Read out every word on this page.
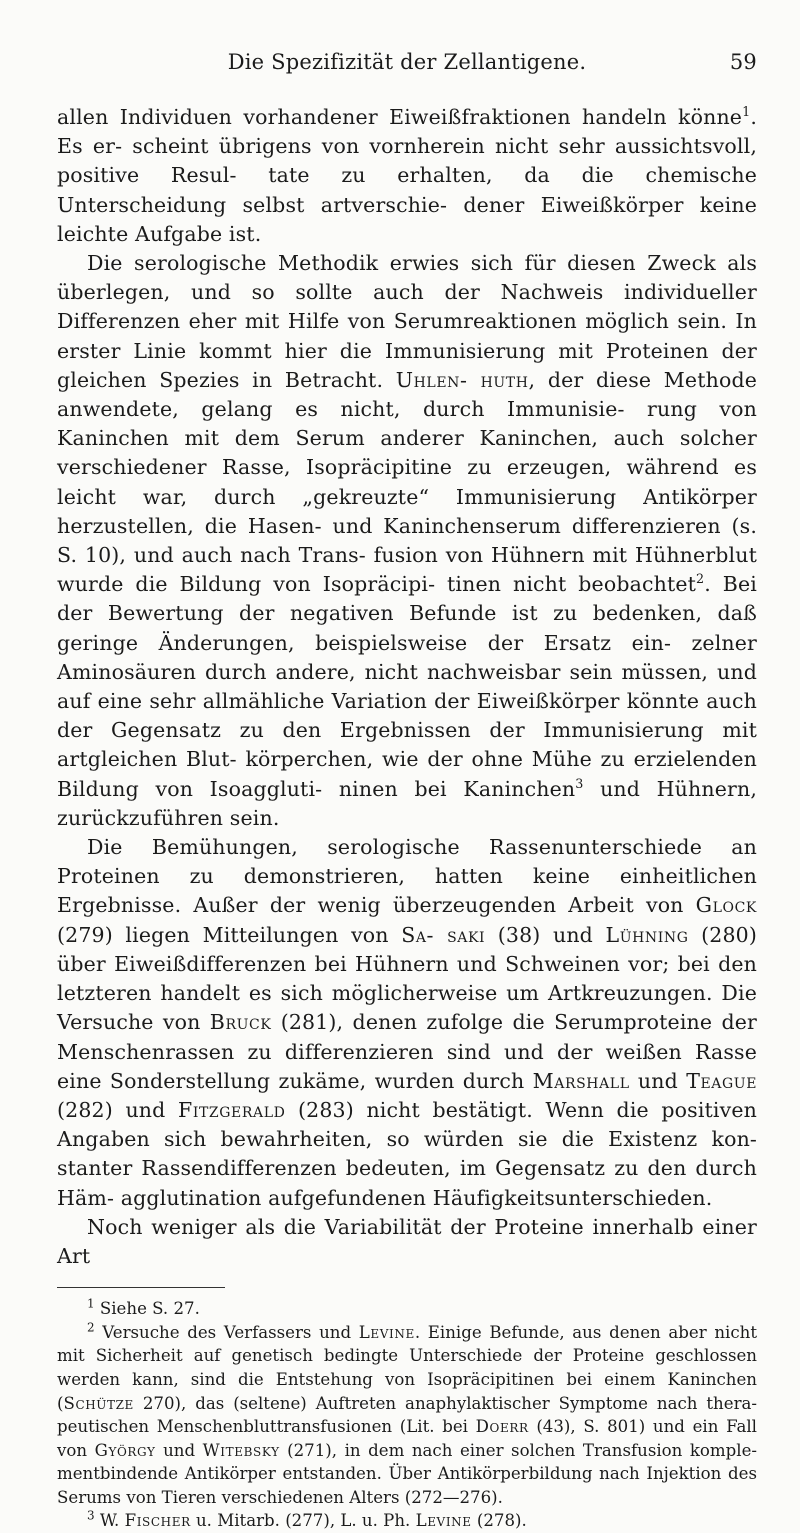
Die Spezifizität der Zellantigene.	59

allen Individuen vorhandener Eiweißfraktionen handeln könne$^1$. Es er- scheint übrigens von vornherein nicht sehr aussichtsvoll, positive Resul- tate zu erhalten, da die chemische Unterscheidung selbst artverschie- dener Eiweißkörper keine leichte Aufgabe ist.

Die serologische Methodik erwies sich für diesen Zweck als überlegen, und so sollte auch der Nachweis individueller Differenzen eher mit Hilfe von Serumreaktionen möglich sein. In erster Linie kommt hier die Immunisierung mit Proteinen der gleichen Spezies in Betracht. Uhlen- huth, der diese Methode anwendete, gelang es nicht, durch Immunisie- rung von Kaninchen mit dem Serum anderer Kaninchen, auch solcher verschiedener Rasse, Isopräcipitine zu erzeugen, während es leicht war, durch „gekreuzte“ Immunisierung Antikörper herzustellen, die Hasen- und Kaninchenserum differenzieren (s. S. 10), und auch nach Trans- fusion von Hühnern mit Hühnerblut wurde die Bildung von Isopräcipi- tinen nicht beobachtet$^2$. Bei der Bewertung der negativen Befunde ist zu bedenken, daß geringe Änderungen, beispielsweise der Ersatz ein- zelner Aminosäuren durch andere, nicht nachweisbar sein müssen, und auf eine sehr allmähliche Variation der Eiweißkörper könnte auch der Gegensatz zu den Ergebnissen der Immunisierung mit artgleichen Blut- körperchen, wie der ohne Mühe zu erzielenden Bildung von Isoaggluti- ninen bei Kaninchen$^3$ und Hühnern, zurückzuführen sein.

Die Bemühungen, serologische Rassenunterschiede an Proteinen zu demonstrieren, hatten keine einheitlichen Ergebnisse. Außer der wenig überzeugenden Arbeit von Glock (279) liegen Mitteilungen von Sa- saki (38) und Lühning (280) über Eiweißdifferenzen bei Hühnern und Schweinen vor; bei den letzteren handelt es sich möglicherweise um Artkreuzungen. Die Versuche von Bruck (281), denen zufolge die Serumproteine der Menschenrassen zu differenzieren sind und der weißen Rasse eine Sonderstellung zukäme, wurden durch Marshall und Teague (282) und Fitzgerald (283) nicht bestätigt. Wenn die positiven Angaben sich bewahrheiten, so würden sie die Existenz kon- stanter Rassendifferenzen bedeuten, im Gegensatz zu den durch Häm- agglutination aufgefundenen Häufigkeitsunterschieden.

Noch weniger als die Variabilität der Proteine innerhalb einer Art

$^1$ Siehe S. 27.

$^2$ Versuche des Verfassers und Levine. Einige Befunde, aus denen aber nicht mit Sicherheit auf genetisch bedingte Unterschiede der Proteine geschlossen werden kann, sind die Entstehung von Isopräcipitinen bei einem Kaninchen (Schütze 270), das (seltene) Auftreten anaphylaktischer Symptome nach thera- peutischen Menschenbluttransfusionen (Lit. bei Doerr (43), S. 801) und ein Fall von György und Witebsky (271), in dem nach einer solchen Transfusion komple- mentbindende Antikörper entstanden. Über Antikörperbildung nach Injektion des Serums von Tieren verschiedenen Alters (272—276).

$^3$ W. Fischer u. Mitarb. (277), L. u. Ph. Levine (278).
